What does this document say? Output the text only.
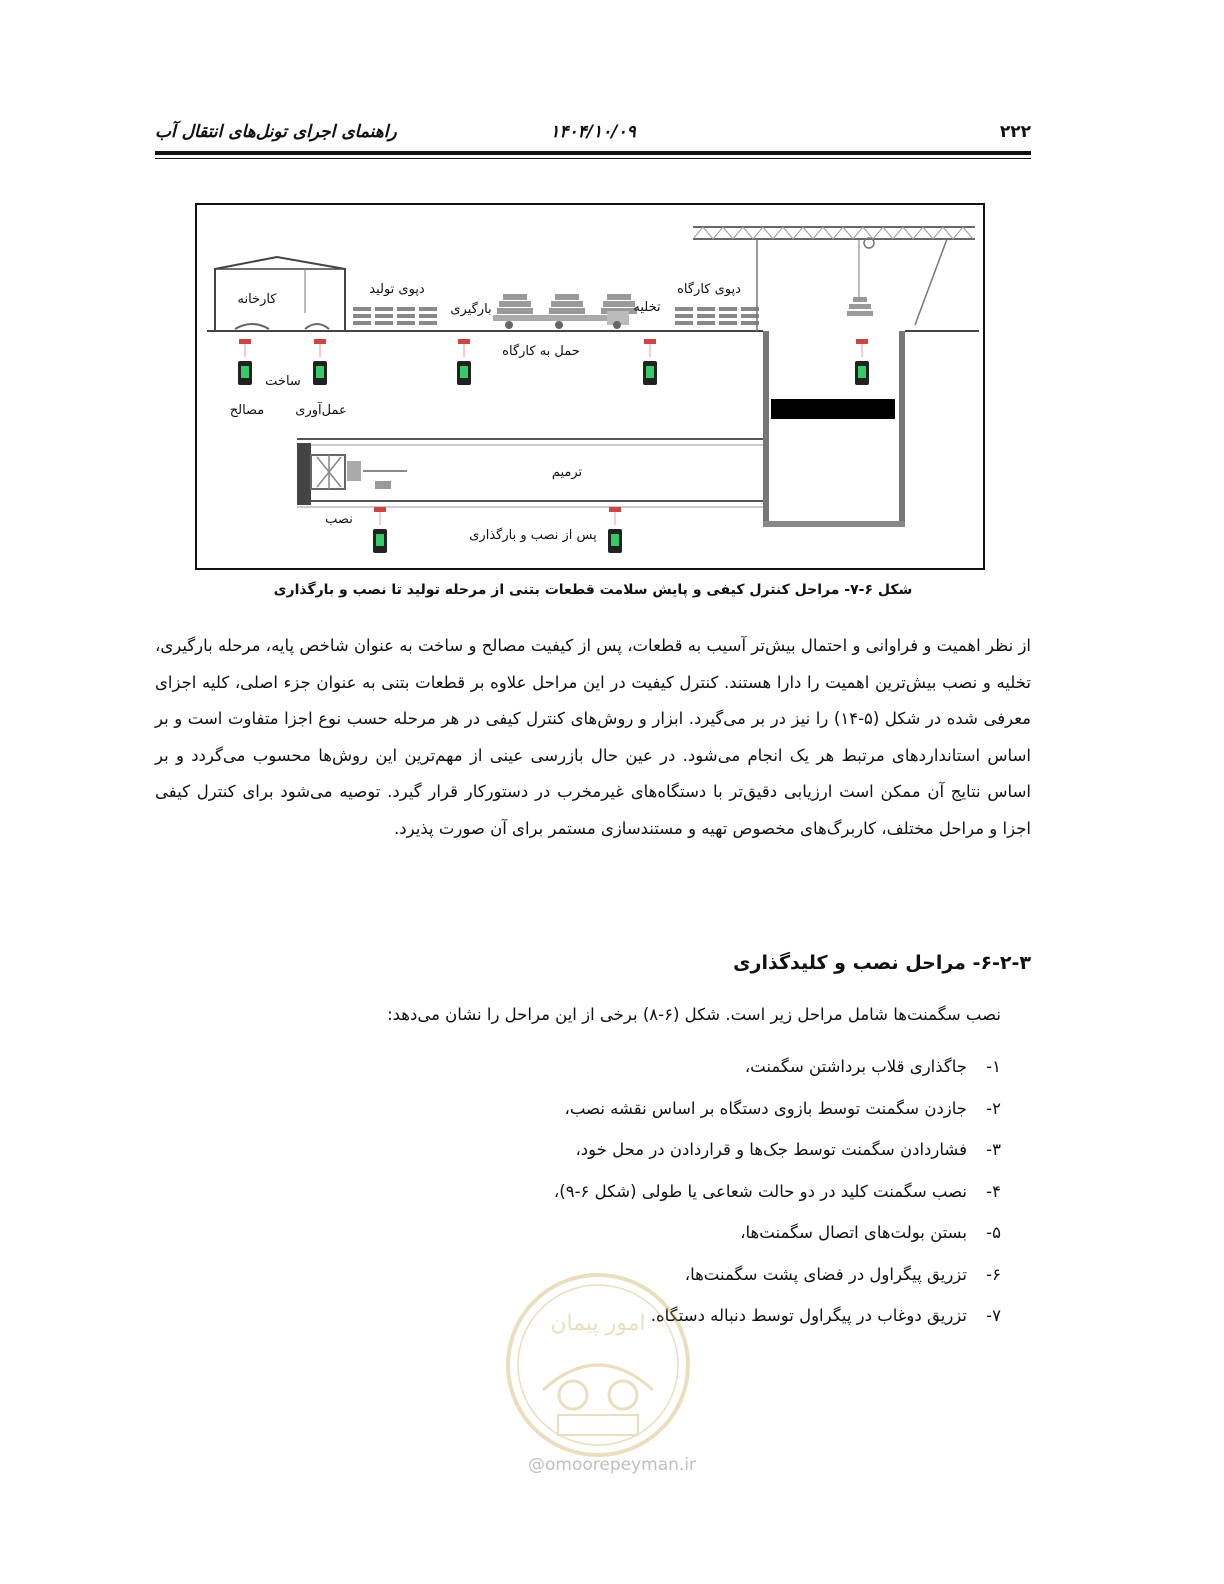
۲۲۲
۱۴۰۴/۱۰/۰۹
راهنمای اجرای تونل‌های انتقال آب
کارخانه
دپوی تولید
بارگیری	تخلیه
دپوی کارگاه
حمل به کارگاه
ساخت
مصالح عمل‌آوری
ترمیم
نصب
پس از نصب و بارگذاری
شکل ۶-۷- مراحل کنترل کیفی و پایش سلامت قطعات بتنی از مرحله تولید تا نصب و بارگذاری

از نظر اهمیت و فراوانی و احتمال بیش‌تر آسیب به قطعات، پس از کیفیت مصالح و ساخت به عنوان شاخص پایه، مرحله بارگیری، تخلیه و نصب بیش‌ترین اهمیت را دارا هستند. کنترل کیفیت در این مراحل علاوه بر قطعات بتنی به عنوان جزء اصلی، کلیه اجزای معرفی شده در شکل (۵-۱۴) را نیز در بر می‌گیرد. ابزار و روش‌های کنترل کیفی در هر مرحله حسب نوع اجزا متفاوت است و بر اساس استانداردهای مرتبط هر یک انجام می‌شود. در عین حال بازرسی عینی از مهم‌ترین این روش‌ها محسوب می‌گردد و بر اساس نتایج آن ممکن است ارزیابی دقیق‌تر با دستگاه‌های غیرمخرب در دستورکار قرار گیرد. توصیه می‌شود برای کنترل کیفی اجزا و مراحل مختلف، کاربرگ‌های مخصوص تهیه و مستندسازی مستمر برای آن صورت پذیرد.

۶-۲-۳- مراحل نصب و کلیدگذاری
نصب سگمنت‌ها شامل مراحل زیر است. شکل (۶-۸) برخی از این مراحل را نشان می‌دهد:
۱-
جاگذاری قلاب برداشتن سگمنت،
۲-
جازدن سگمنت توسط بازوی دستگاه بر اساس نقشه نصب،
۳-
فشاردادن سگمنت توسط جک‌ها و قراردادن در محل خود،
۴-
نصب سگمنت کلید در دو حالت شعاعی یا طولی (شکل ۶-۹)،
۵-
بستن بولت‌های اتصال سگمنت‌ها،
۶-
تزریق پیگراول در فضای پشت سگمنت‌ها،
۷-
تزریق دوغاب در پیگراول توسط دنباله دستگاه.
امور پیمان
@omoorepeyman.ir
